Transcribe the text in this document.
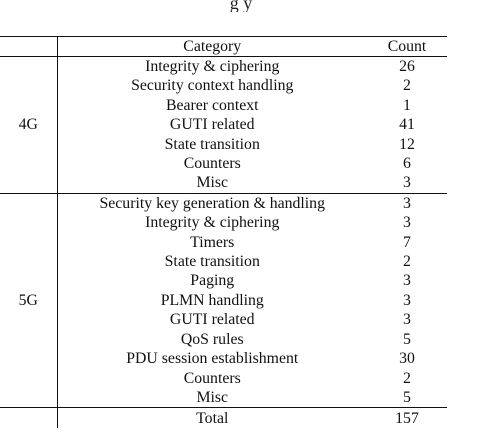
g y
	Category	Count
4G	Integrity & ciphering	26
	Security context handling	2
	Bearer context	1
	GUTI related	41
	State transition	12
	Counters	6
	Misc	3
5G	Security key generation & handling	3
	Integrity & ciphering	3
	Timers	7
	State transition	2
	Paging	3
	PLMN handling	3
	GUTI related	3
	QoS rules	5
	PDU session establishment	30
	Counters	2
	Misc	5
	Total	157
